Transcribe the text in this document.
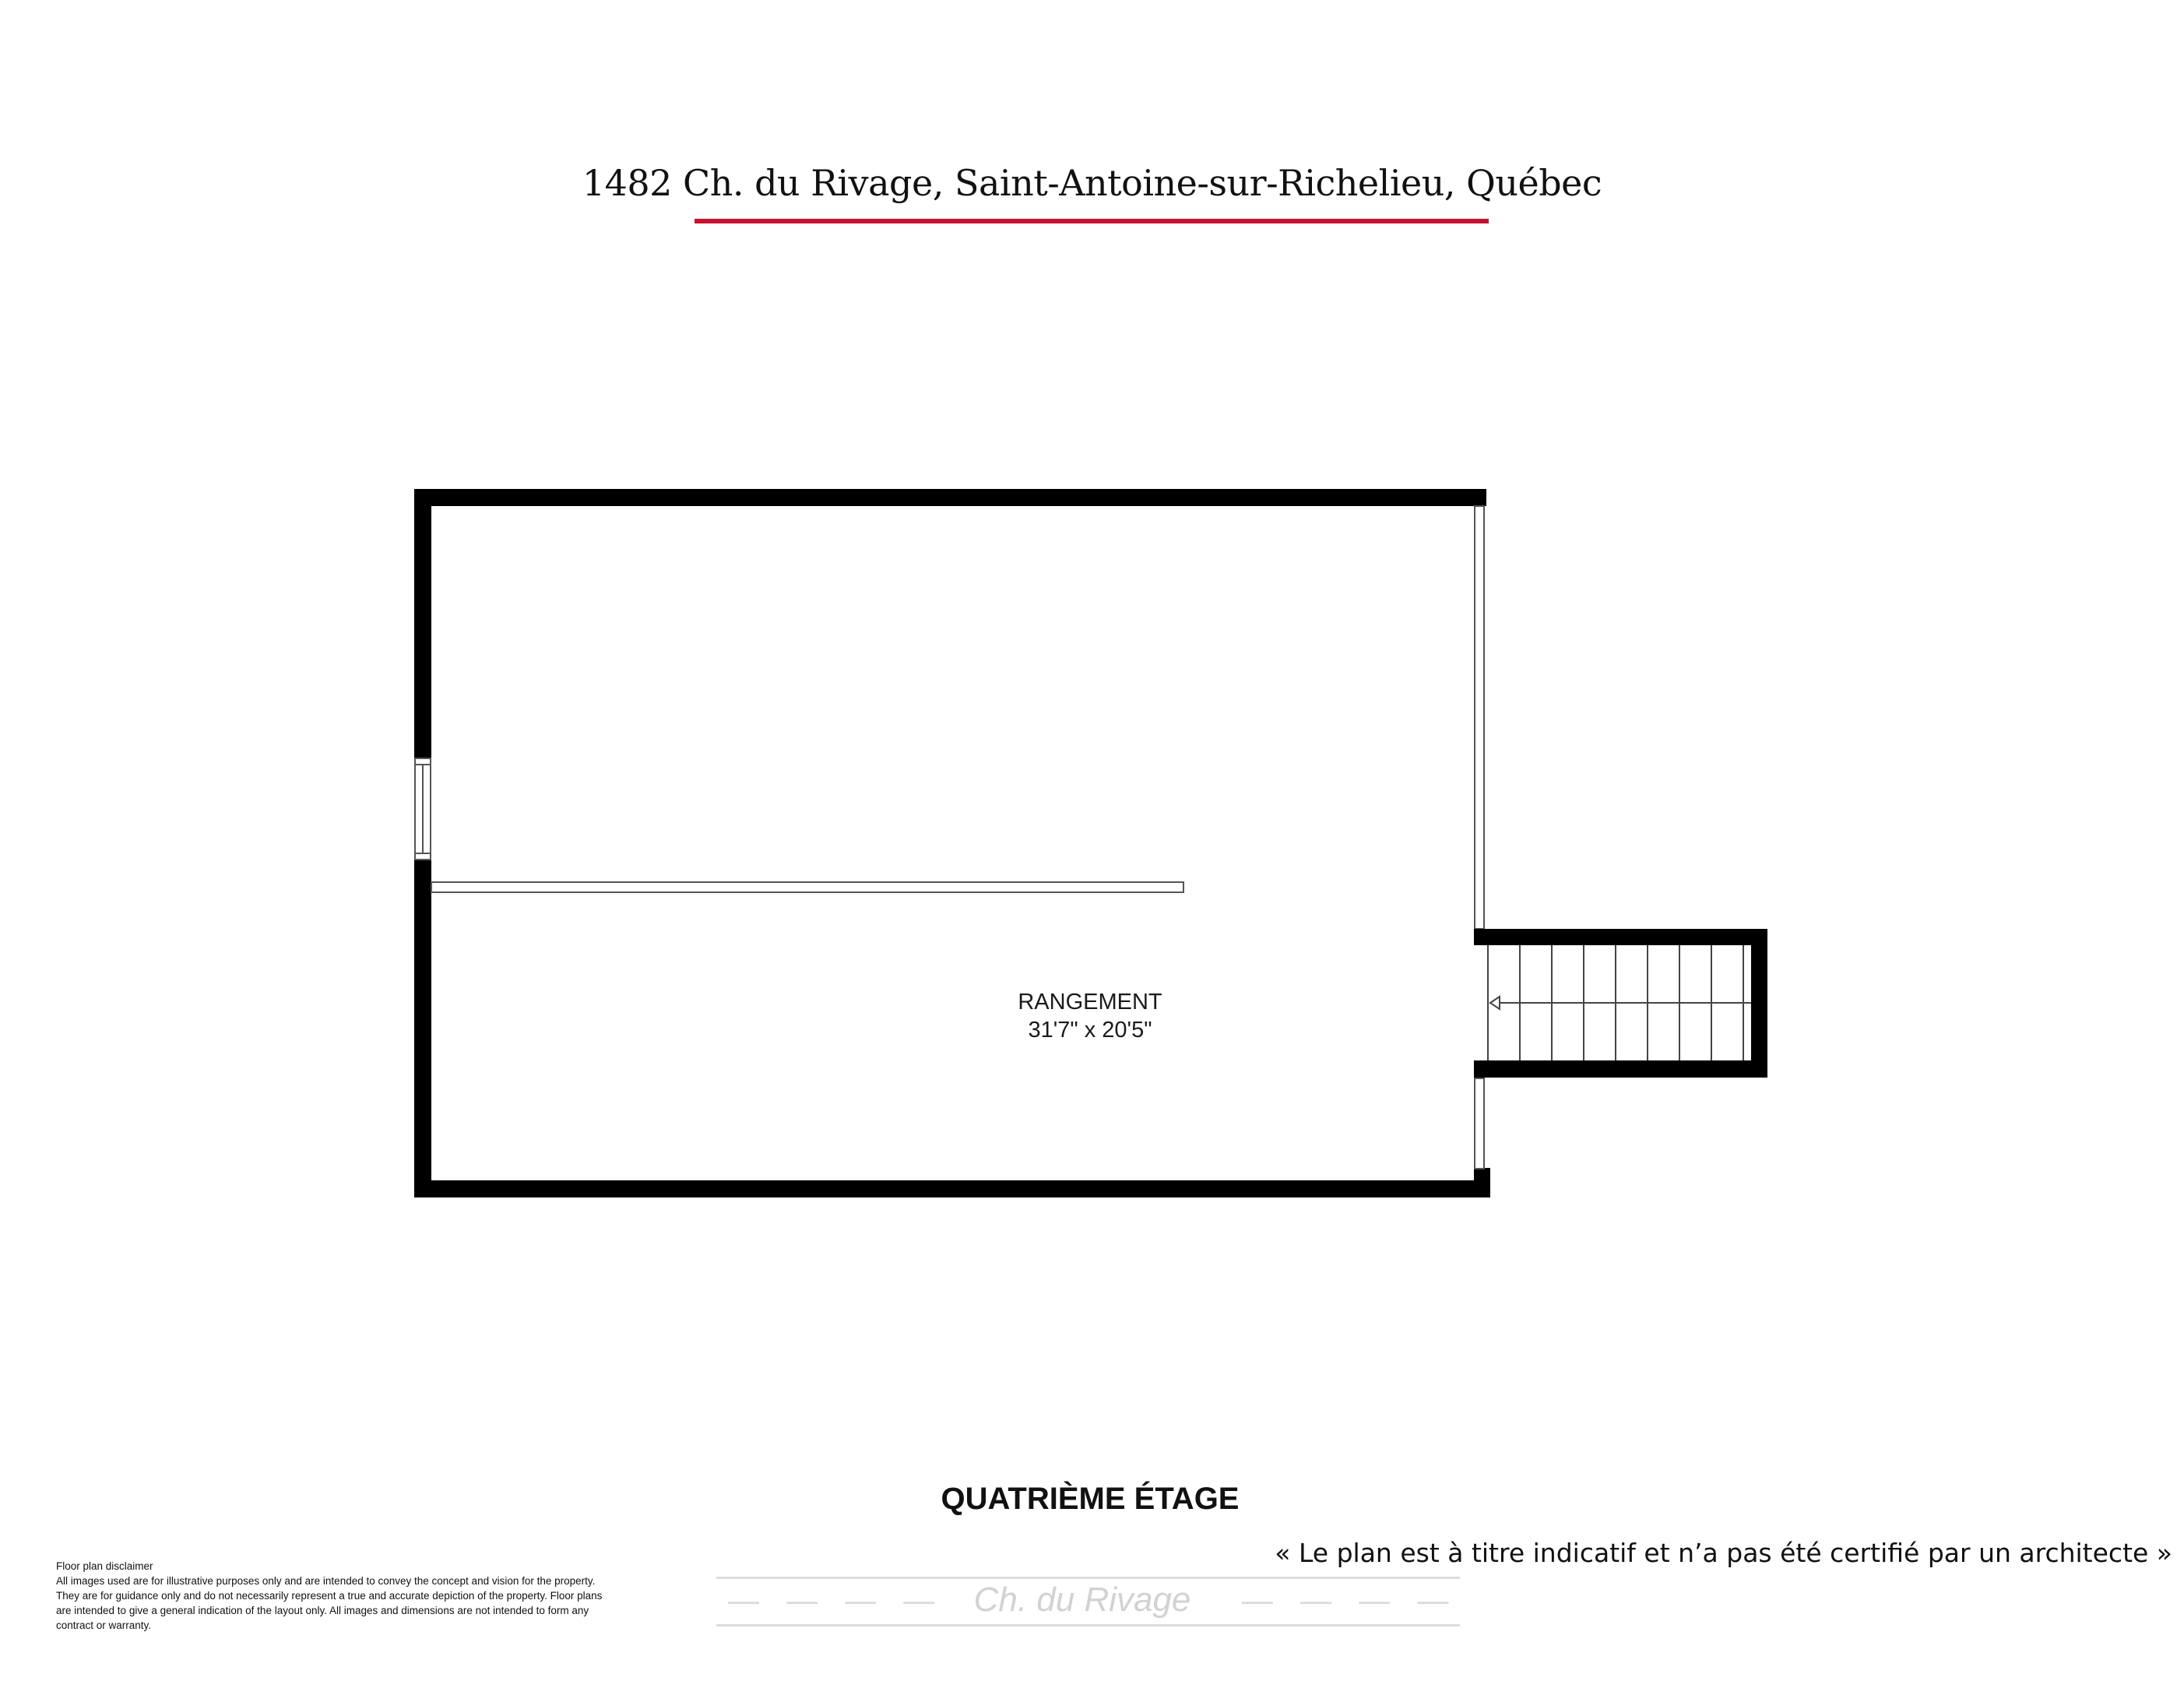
1482 Ch. du Rivage, Saint-Antoine-sur-Richelieu, Québec
RANGEMENT
31'7" x 20'5"
QUATRIÈME ÉTAGE
« Le plan est à titre indicatif et n’a pas été certifié par un architecte »
Floor plan disclaimer
All images used are for illustrative purposes only and are intended to convey the concept and vision for the property. They are for guidance only and do not necessarily represent a true and accurate depiction of the property. Floor plans are intended to give a general indication of the layout only. All images and dimensions are not intended to form any contract or warranty.
— — — — Ch. du Rivage	— — — —
